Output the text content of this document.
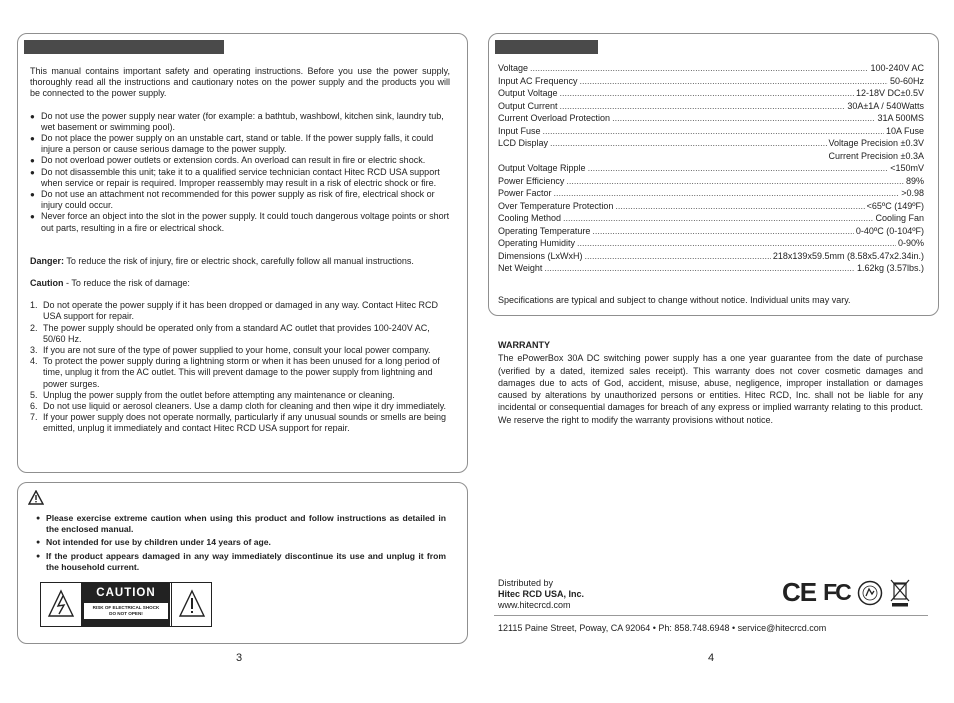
This manual contains important safety and operating instructions. Before you use the power supply, thoroughly read all the instructions and cautionary notes on the power supply and the products you will be connected to the power supply.

● Do not use the power supply near water (for example: a bathtub, washbowl, kitchen sink, laundry tub, wet basement or swimming pool).
● Do not place the power supply on an unstable cart, stand or table. If the power supply falls, it could injure a person or cause serious damage to the power supply.
● Do not overload power outlets or extension cords. An overload can result in fire or electric shock.
● Do not disassemble this unit; take it to a qualified service technician contact Hitec RCD USA support when service or repair is required. Improper reassembly may result in a risk of electric shock or fire.
● Do not use an attachment not recommended for this power supply as risk of fire, electrical shock or injury could occur.
● Never force an object into the slot in the power supply. It could touch dangerous voltage points or short out parts, resulting in a fire or electrical shock.

Danger: To reduce the risk of injury, fire or electric shock, carefully follow all manual instructions.

Caution - To reduce the risk of damage:

1. Do not operate the power supply if it has been dropped or damaged in any way. Contact Hitec RCD USA support for repair.
2. The power supply should be operated only from a standard AC outlet that provides 100-240V AC, 50/60 Hz.
3. If you are not sure of the type of power supplied to your home, consult your local power company.
4. To protect the power supply during a lightning storm or when it has been unused for a long period of time, unplug it from the AC outlet. This will prevent damage to the power supply from lightning and power surges.
5. Unplug the power supply from the outlet before attempting any maintenance or cleaning.
6. Do not use liquid or aerosol cleaners. Use a damp cloth for cleaning and then wipe it dry immediately.
7. If your power supply does not operate normally, particularly if any unusual sounds or smells are being emitted, unplug it immediately and contact Hitec RCD USA support for repair.
● Please exercise extreme caution when using this product and follow instructions as detailed in the enclosed manual.
● Not intended for use by children under 14 years of age.
● If the product appears damaged in any way immediately discontinue its use and unplug it from the household current.
CAUTION
RISK OF ELECTRICAL SHOCK
DO NOT OPEN!
3
Voltage .....	100-240V AC
Input AC Frequency .....	50-60Hz
Output Voltage .....	12-18V DC±0.5V
Output Current .....	30A±1A / 540Watts
Current Overload Protection .....	31A 500MS
Input Fuse .....	10A Fuse
LCD Display .....	Voltage Precision ±0.3V
Current Precision ±0.3A
Output Voltage Ripple .....	<150mV
Power Efficiency .....	89%
Power Factor .....	>0.98
Over Temperature Protection .....	<65ºC (149ºF)
Cooling Method .....	Cooling Fan
Operating Temperature .....	0-40ºC (0-104ºF)
Operating Humidity .....	0-90%
Dimensions (LxWxH) .....	218x139x59.5mm (8.58x5.47x2.34in.)
Net Weight .....	1.62kg (3.57lbs.)

Specifications are typical and subject to change without notice. Individual units may vary.

WARRANTY

The ePowerBox 30A DC switching power supply has a one year guarantee from the date of purchase (verified by a dated, itemized sales receipt). This warranty does not cover cosmetic damages and damages due to acts of God, accident, misuse, abuse, negligence, improper installation or damages caused by alterations by unauthorized persons or entities. Hitec RCD, Inc. shall not be liable for any incidental or consequential damages for breach of any express or implied warranty relating to this product. We reserve the right to modify the warranty provisions without notice.

Distributed by
Hitec RCD USA, Inc.
www.hitecrcd.com	CE FC
12115 Paine Street, Poway, CA 92064 • Ph: 858.748.6948 • service@hitecrcd.com
4
